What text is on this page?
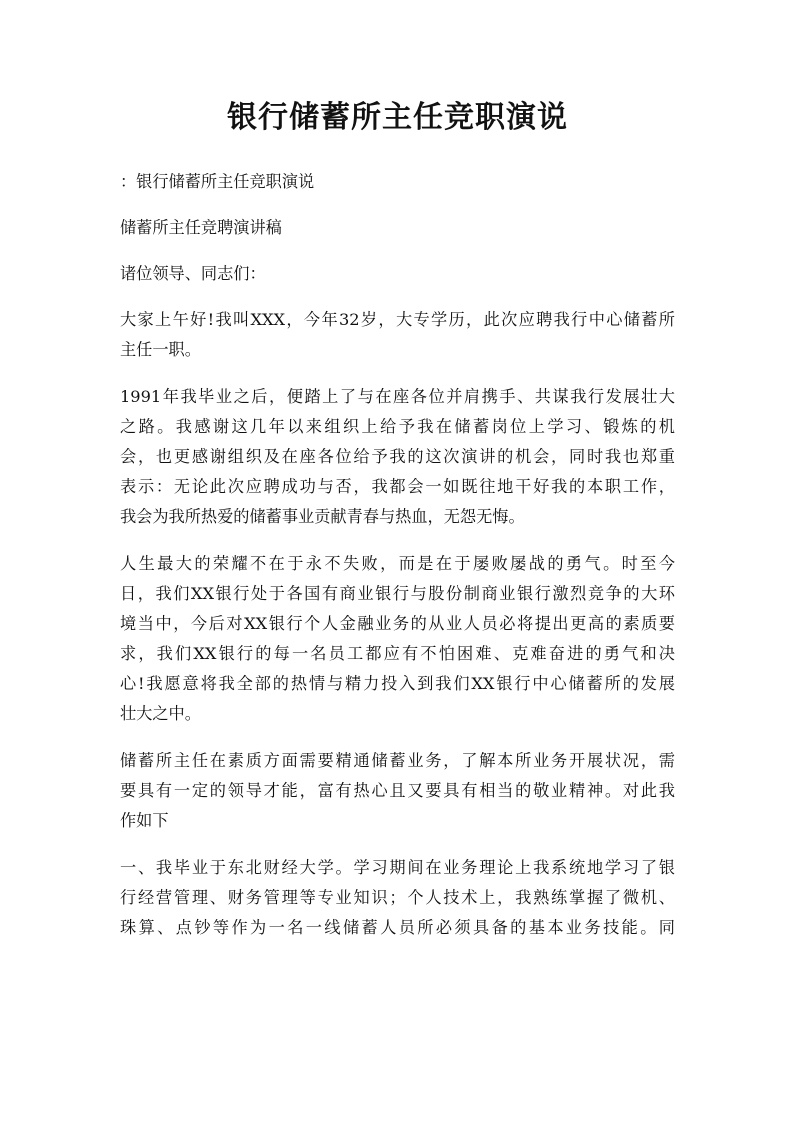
银行储蓄所主任竞职演说
：银行储蓄所主任竞职演说
储蓄所主任竞聘演讲稿
诸位领导、同志们：
大家上午好!我叫XXX，今年32岁，大专学历，此次应聘我行中心储蓄所
主任一职。
1991年我毕业之后，便踏上了与在座各位并肩携手、共谋我行发展壮大
之路。我感谢这几年以来组织上给予我在储蓄岗位上学习、锻炼的机
会，也更感谢组织及在座各位给予我的这次演讲的机会，同时我也郑重
表示：无论此次应聘成功与否，我都会一如既往地干好我的本职工作，
我会为我所热爱的储蓄事业贡献青春与热血，无怨无悔。
人生最大的荣耀不在于永不失败，而是在于屡败屡战的勇气。时至今
日，我们XX银行处于各国有商业银行与股份制商业银行激烈竞争的大环
境当中，今后对XX银行个人金融业务的从业人员必将提出更高的素质要
求，我们XX银行的每一名员工都应有不怕困难、克难奋进的勇气和决
心!我愿意将我全部的热情与精力投入到我们XX银行中心储蓄所的发展
壮大之中。
储蓄所主任在素质方面需要精通储蓄业务，了解本所业务开展状况，需
要具有一定的领导才能，富有热心且又要具有相当的敬业精神。对此我
作如下
一、我毕业于东北财经大学。学习期间在业务理论上我系统地学习了银
行经营管理、财务管理等专业知识；个人技术上，我熟练掌握了微机、
珠算、点钞等作为一名一线储蓄人员所必须具备的基本业务技能。同
